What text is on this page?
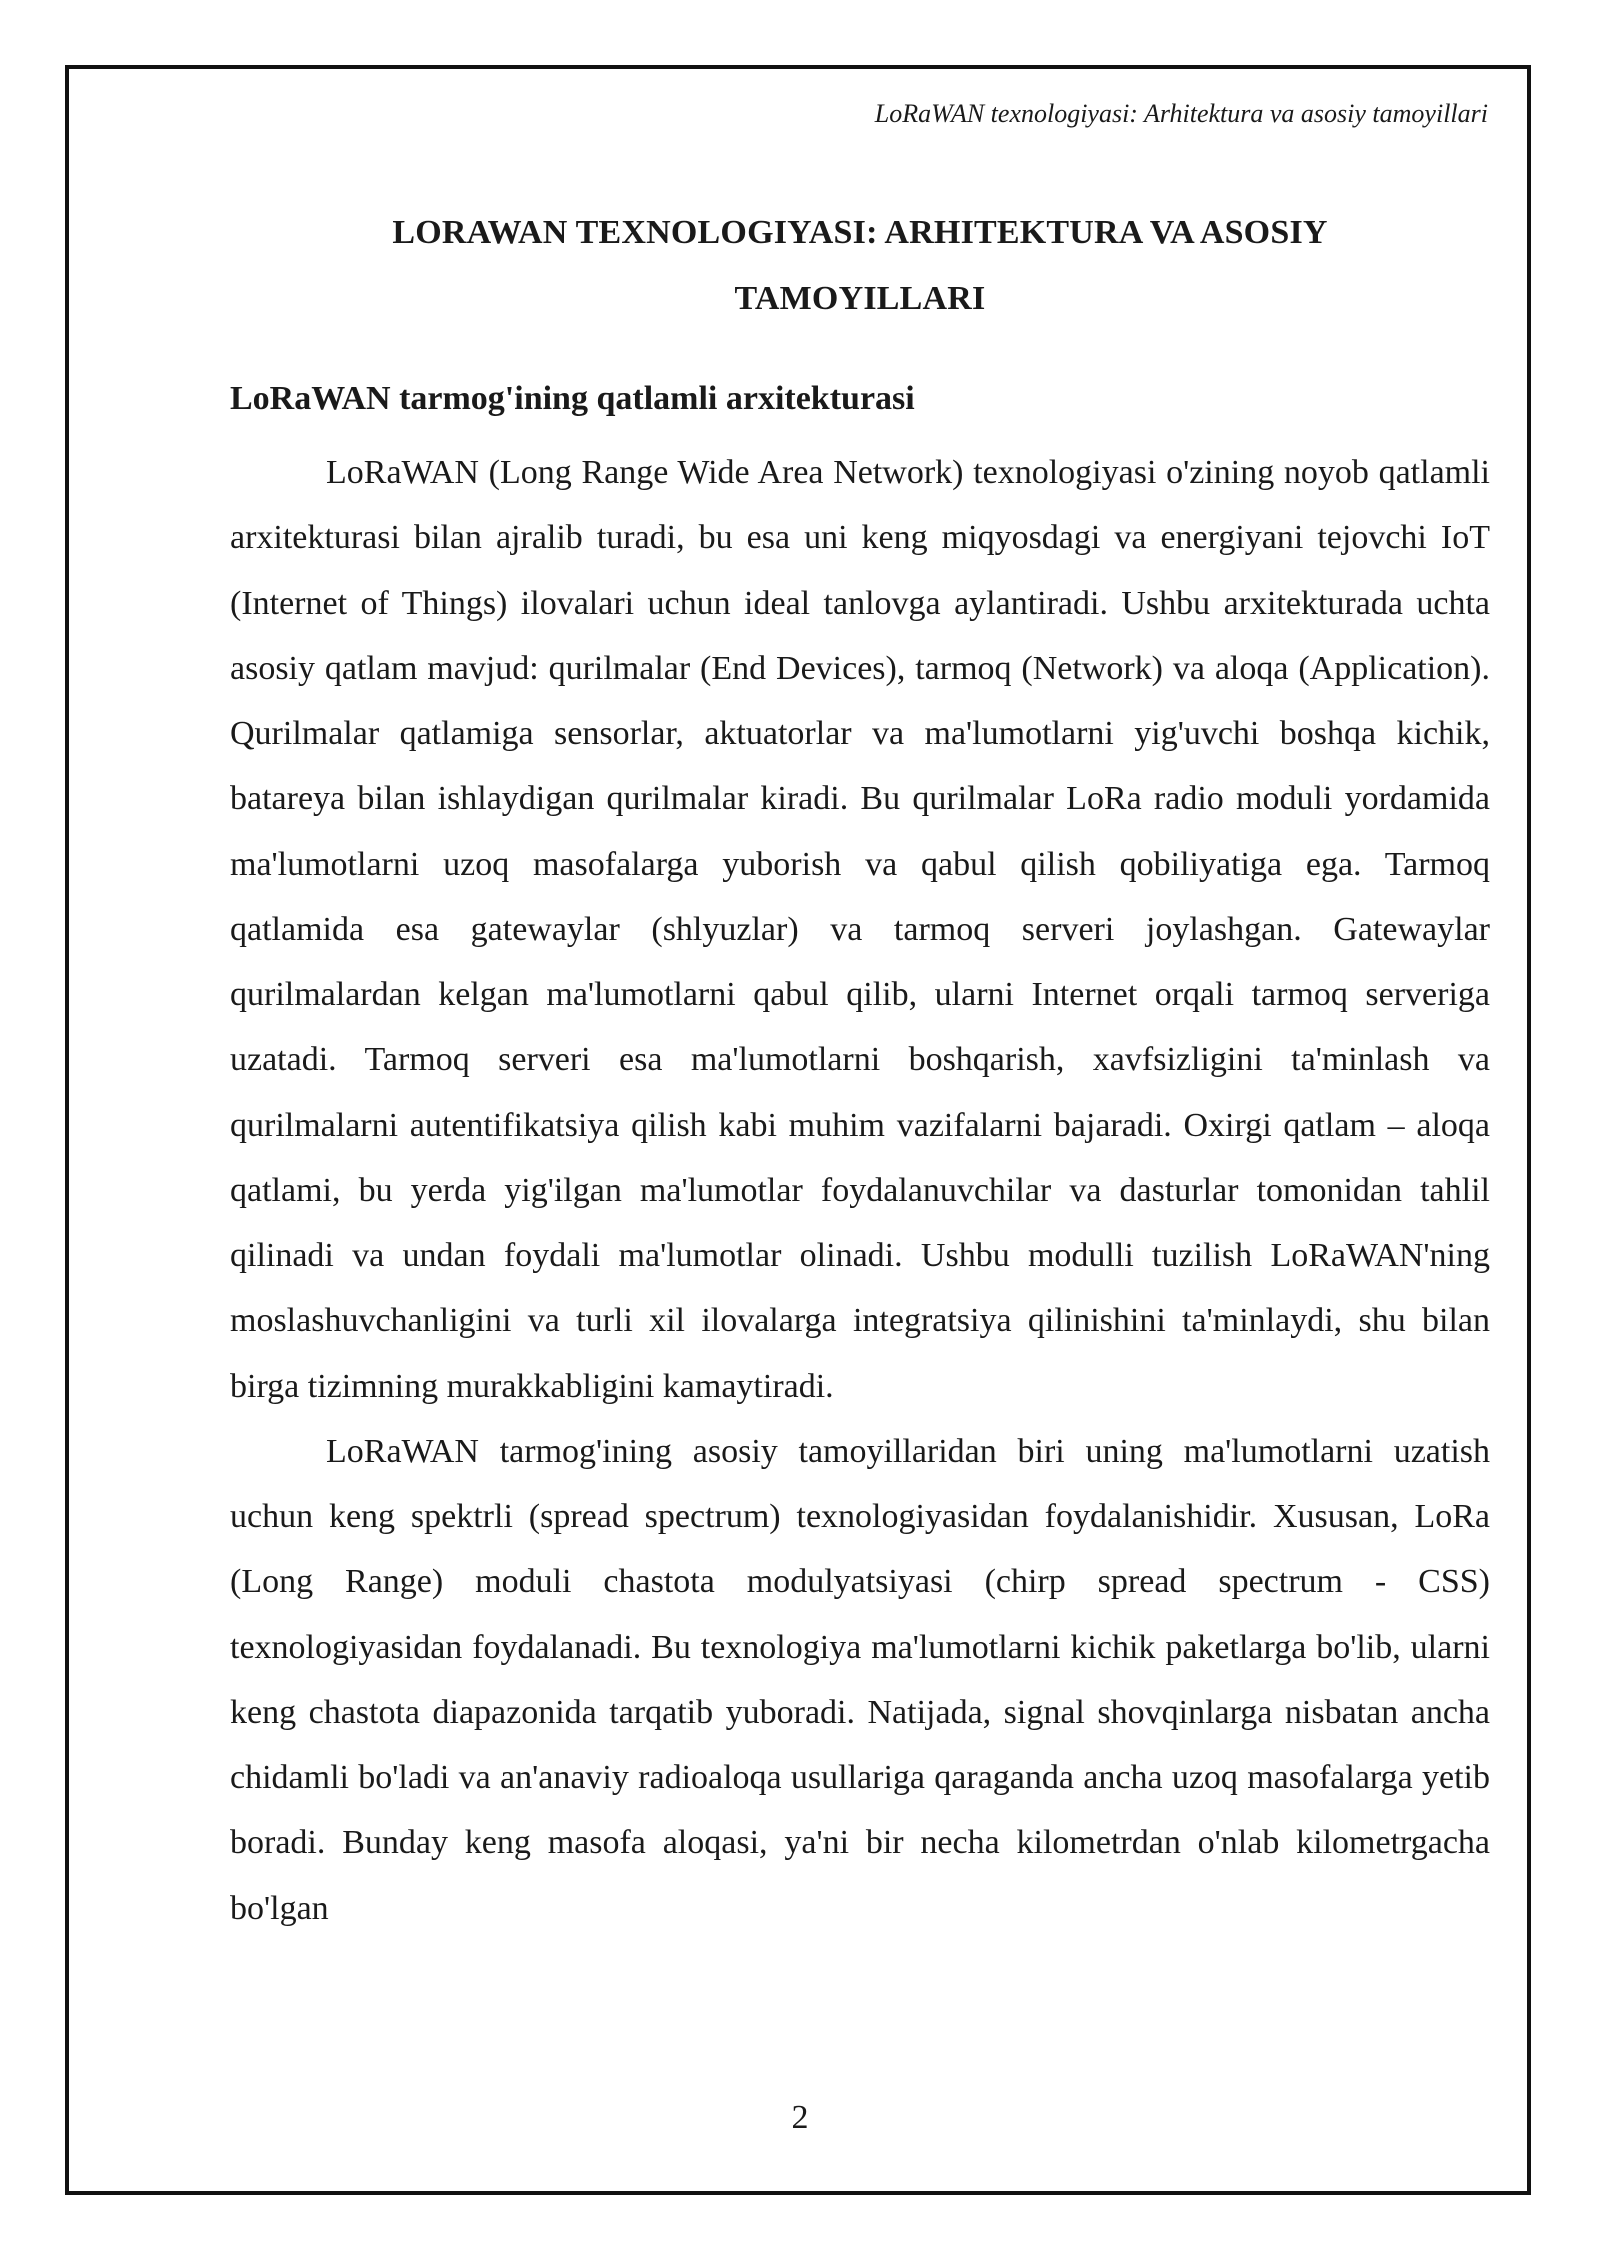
LoRaWAN texnologiyasi: Arhitektura va asosiy tamoyillari
LORAWAN TEXNOLOGIYASI: ARHITEKTURA VA ASOSIY
TAMOYILLARI
LoRaWAN tarmog'ining qatlamli arxitekturasi

LoRaWAN (Long Range Wide Area Network) texnologiyasi o'zining noyob qatlamli arxitekturasi bilan ajralib turadi, bu esa uni keng miqyosdagi va energiyani tejovchi IoT (Internet of Things) ilovalari uchun ideal tanlovga aylantiradi. Ushbu arxitekturada uchta asosiy qatlam mavjud: qurilmalar (End Devices), tarmoq (Network) va aloqa (Application). Qurilmalar qatlamiga sensorlar, aktuatorlar va ma'lumotlarni yig'uvchi boshqa kichik, batareya bilan ishlaydigan qurilmalar kiradi. Bu qurilmalar LoRa radio moduli yordamida ma'lumotlarni uzoq masofalarga yuborish va qabul qilish qobiliyatiga ega. Tarmoq qatlamida esa gatewaylar (shlyuzlar) va tarmoq serveri joylashgan. Gatewaylar qurilmalardan kelgan ma'lumotlarni qabul qilib, ularni Internet orqali tarmoq serveriga uzatadi. Tarmoq serveri esa ma'lumotlarni boshqarish, xavfsizligini ta'minlash va qurilmalarni autentifikatsiya qilish kabi muhim vazifalarni bajaradi. Oxirgi qatlam – aloqa qatlami, bu yerda yig'ilgan ma'lumotlar foydalanuvchilar va dasturlar tomonidan tahlil qilinadi va undan foydali ma'lumotlar olinadi. Ushbu modulli tuzilish LoRaWAN'ning moslashuvchanligini va turli xil ilovalarga integratsiya qilinishini ta'minlaydi, shu bilan birga tizimning murakkabligini kamaytiradi.

LoRaWAN tarmog'ining asosiy tamoyillaridan biri uning ma'lumotlarni uzatish uchun keng spektrli (spread spectrum) texnologiyasidan foydalanishidir. Xususan, LoRa (Long Range) moduli chastota modulyatsiyasi (chirp spread spectrum - CSS) texnologiyasidan foydalanadi. Bu texnologiya ma'lumotlarni kichik paketlarga bo'lib, ularni keng chastota diapazonida tarqatib yuboradi. Natijada, signal shovqinlarga nisbatan ancha chidamli bo'ladi va an'anaviy radioaloqa usullariga qaraganda ancha uzoq masofalarga yetib boradi. Bunday keng masofa aloqasi, ya'ni bir necha kilometrdan o'nlab kilometrgacha bo'lgan

2
